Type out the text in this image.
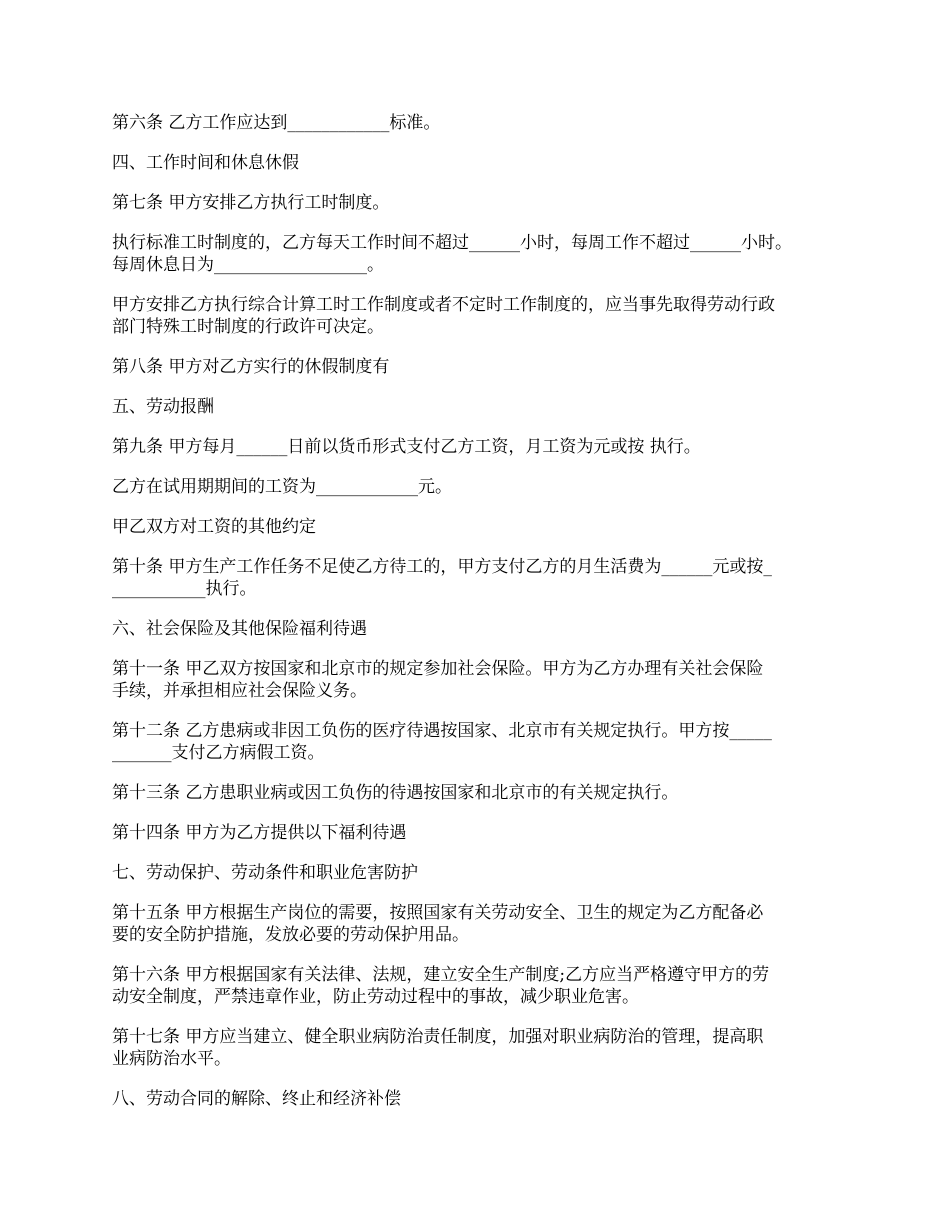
第六条 乙方工作应达到____________标准。
四、工作时间和休息休假
第七条 甲方安排乙方执行工时制度。
执行标准工时制度的，乙方每天工作时间不超过______小时，每周工作不超过______小时。
每周休息日为__________________。
甲方安排乙方执行综合计算工时工作制度或者不定时工作制度的，应当事先取得劳动行政
部门特殊工时制度的行政许可决定。
第八条 甲方对乙方实行的休假制度有
五、劳动报酬
第九条 甲方每月______日前以货币形式支付乙方工资，月工资为元或按 执行。
乙方在试用期期间的工资为____________元。
甲乙双方对工资的其他约定
第十条 甲方生产工作任务不足使乙方待工的，甲方支付乙方的月生活费为______元或按_
___________执行。
六、社会保险及其他保险福利待遇
第十一条 甲乙双方按国家和北京市的规定参加社会保险。甲方为乙方办理有关社会保险
手续，并承担相应社会保险义务。
第十二条 乙方患病或非因工负伤的医疗待遇按国家、北京市有关规定执行。甲方按_____
_______支付乙方病假工资。
第十三条 乙方患职业病或因工负伤的待遇按国家和北京市的有关规定执行。
第十四条 甲方为乙方提供以下福利待遇
七、劳动保护、劳动条件和职业危害防护
第十五条 甲方根据生产岗位的需要，按照国家有关劳动安全、卫生的规定为乙方配备必
要的安全防护措施，发放必要的劳动保护用品。
第十六条 甲方根据国家有关法律、法规，建立安全生产制度;乙方应当严格遵守甲方的劳
动安全制度，严禁违章作业，防止劳动过程中的事故，减少职业危害。
第十七条 甲方应当建立、健全职业病防治责任制度，加强对职业病防治的管理，提高职
业病防治水平。
八、劳动合同的解除、终止和经济补偿
